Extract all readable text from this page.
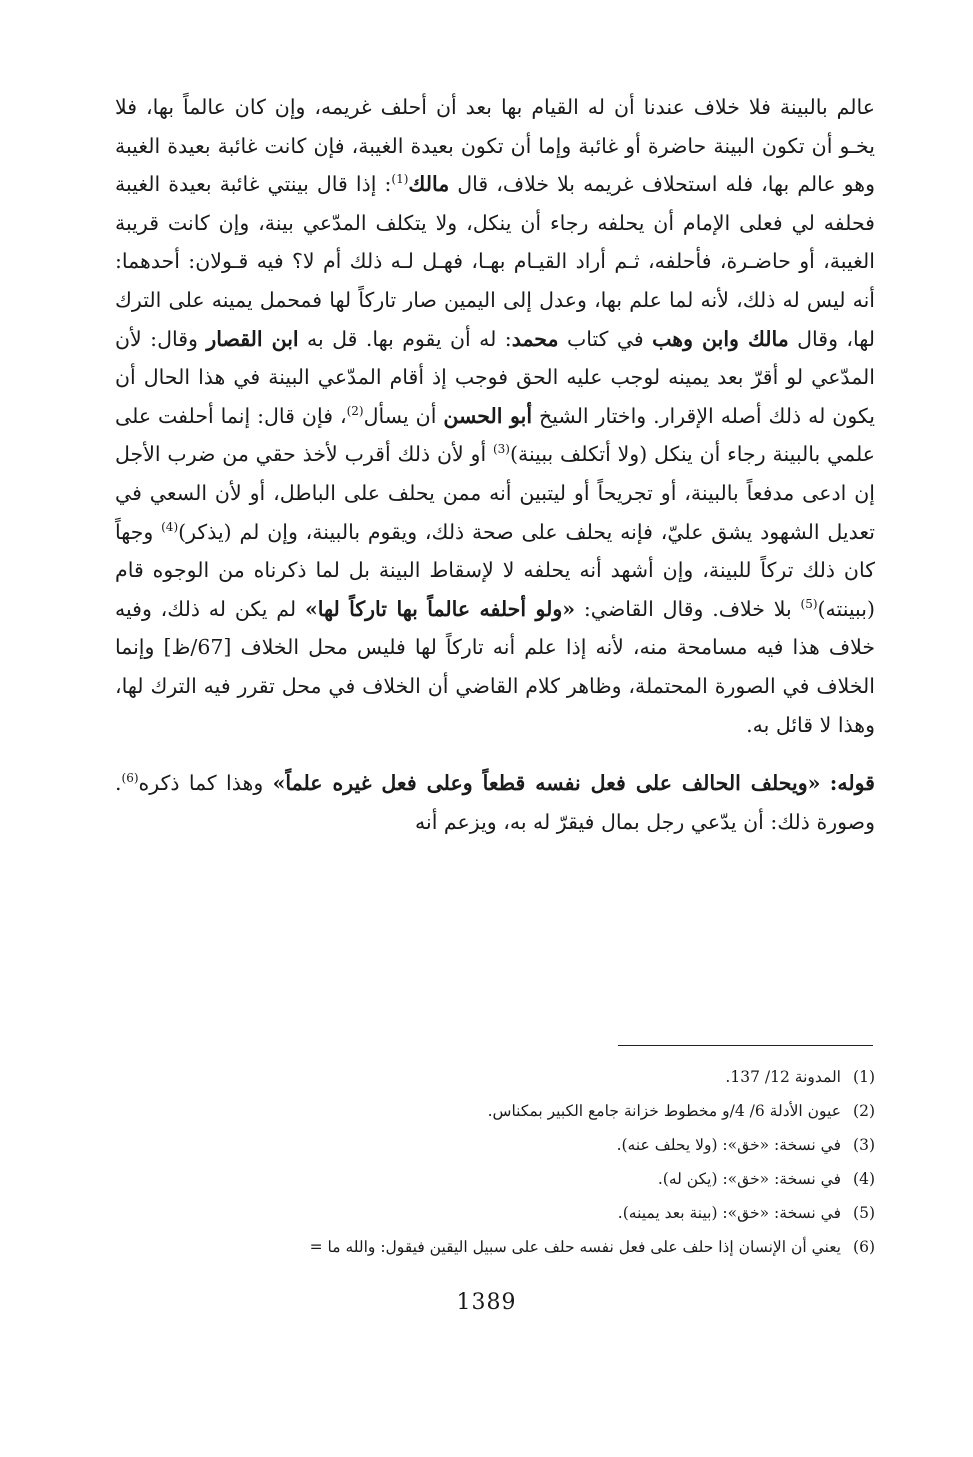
عالم بالبينة فلا خلاف عندنا أن له القيام بها بعد أن أحلف غريمه، وإن كان عالماً بها، فلا يخـو أن تكون البينة حاضرة أو غائبة وإما أن تكون بعيدة الغيبة، فإن كانت غائبة بعيدة الغيبة وهو عالم بها، فله استحلاف غريمه بلا خلاف، قال مالك$^{(1)}$: إذا قال بينتي غائبة بعيدة الغيبة فحلفه لي فعلى الإمام أن يحلفه رجاء أن ينكل، ولا يتكلف المدّعي بينة، وإن كانت قريبة الغيبة، أو حاضـرة، فأحلفه، ثـم أراد القيـام بهـا، فهـل لـه ذلك أم لا؟ فيه قـولان: أحدهما: أنه ليس له ذلك، لأنه لما علم بها، وعدل إلى اليمين صار تاركاً لها فمحمل يمينه على الترك لها، وقال مالك وابن وهب في كتاب محمد: له أن يقوم بها. قل به ابن القصار وقال: لأن المدّعي لو أقرّ بعد يمينه لوجب عليه الحق فوجب إذ أقام المدّعي البينة في هذا الحال أن يكون له ذلك أصله الإقرار. واختار الشيخ أبو الحسن أن يسأل$^{(2)}$، فإن قال: إنما أحلفت على علمي بالبينة رجاء أن ينكل (ولا أتكلف ببينة)$^{(3)}$ أو لأن ذلك أقرب لأخذ حقي من ضرب الأجل إن ادعى مدفعاً بالبينة، أو تجريحاً أو ليتبين أنه ممن يحلف على الباطل، أو لأن السعي في تعديل الشهود يشق عليّ، فإنه يحلف على صحة ذلك، ويقوم بالبينة، وإن لم (يذكر)$^{(4)}$ وجهاً كان ذلك تركاً للبينة، وإن أشهد أنه يحلفه لا لإسقاط البينة بل لما ذكرناه من الوجوه قام (ببينته)$^{(5)}$ بلا خلاف. وقال القاضي: «ولو أحلفه عالماً بها تاركاً لها» لم يكن له ذلك، وفيه خلاف هذا فيه مسامحة منه، لأنه إذا علم أنه تاركاً لها فليس محل الخلاف [67/ظ] وإنما الخلاف في الصورة المحتملة، وظاهر كلام القاضي أن الخلاف في محل تقرر فيه الترك لها، وهذا لا قائل به.

قوله: «ويحلف الحالف على فعل نفسه قطعاً وعلى فعل غيره علماً» وهذا كما ذكره$^{(6)}$. وصورة ذلك: أن يدّعي رجل بمال فيقرّ له به، ويزعم أنه

(1)المدونة 12/ 137.
(2)عيون الأدلة 6/ 4/و مخطوط خزانة جامع الكبير بمكناس.
(3)في نسخة: «خق»: (ولا يحلف عنه).
(4)في نسخة: «خق»: (يكن له).
(5)في نسخة: «خق»: (بينة بعد يمينه).
(6)يعني أن الإنسان إذا حلف على فعل نفسه حلف على سبيل اليقين فيقول: والله ما =
1389
